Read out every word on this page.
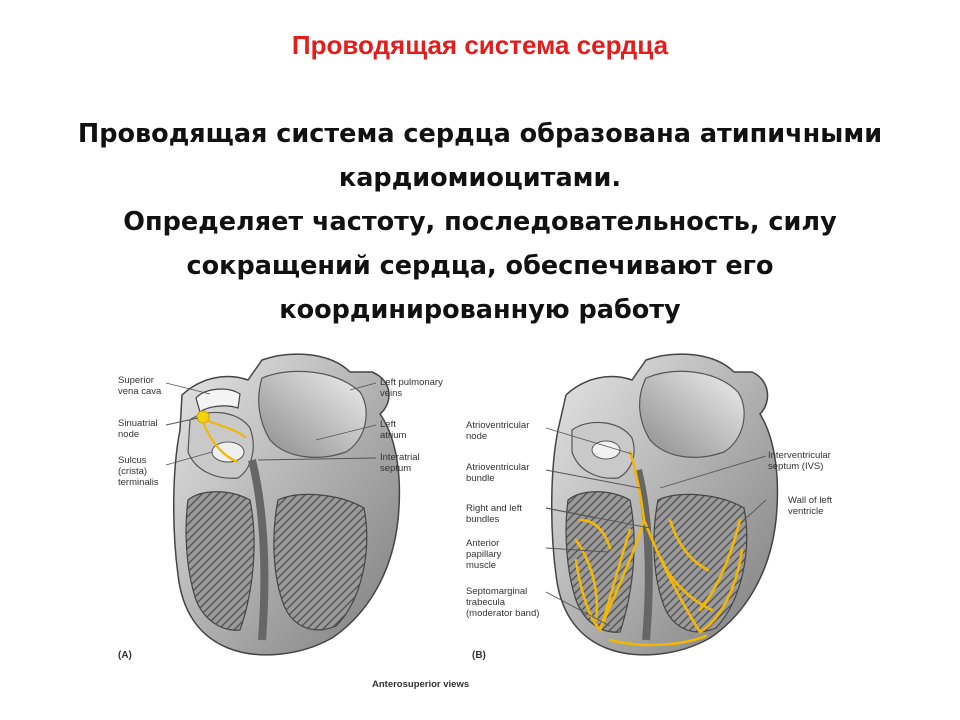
Проводящая система сердца
Проводящая система сердца образована атипичными
кардиомиоцитами.
Определяет частоту, последовательность, силу
сокращений сердца, обеспечивают его
координированную работу
Superior
vena cava
Sinuatrial
node
Sulcus
(crista)
terminalis
Left pulmonary
veins
Left
atrium
Interatrial
septum
(A)
Atrioventricular
node
Atrioventricular
bundle
Right and left
bundles
Anterior
papillary
muscle
Septomarginal
trabecula
(moderator band)
Interventricular
septum (IVS)
Wall of left
ventricle
(B)
Anterosuperior views
